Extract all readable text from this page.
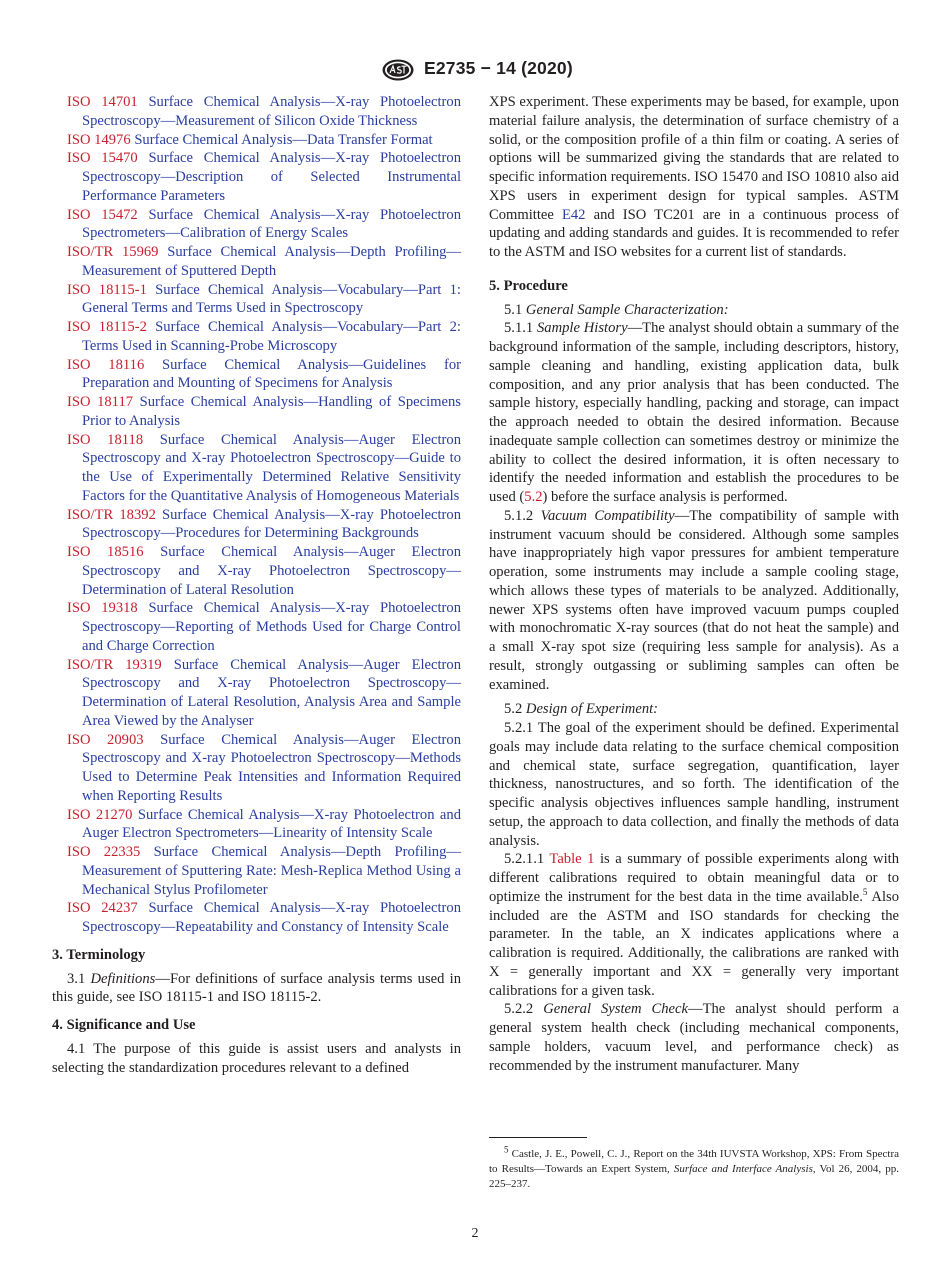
E2735 − 14 (2020)

ISO 14701 Surface Chemical Analysis—X-ray Photoelectron Spectroscopy—Measurement of Silicon Oxide Thickness

ISO 14976 Surface Chemical Analysis—Data Transfer Format

ISO 15470 Surface Chemical Analysis—X-ray Photoelectron Spectroscopy—Description of Selected Instrumental Performance Parameters

ISO 15472 Surface Chemical Analysis—X-ray Photoelectron Spectrometers—Calibration of Energy Scales

ISO/TR 15969 Surface Chemical Analysis—Depth Profiling—Measurement of Sputtered Depth

ISO 18115-1 Surface Chemical Analysis—Vocabulary—Part 1: General Terms and Terms Used in Spectroscopy

ISO 18115-2 Surface Chemical Analysis—Vocabulary—Part 2: Terms Used in Scanning-Probe Microscopy

ISO 18116 Surface Chemical Analysis—Guidelines for Preparation and Mounting of Specimens for Analysis

ISO 18117 Surface Chemical Analysis—Handling of Specimens Prior to Analysis

ISO 18118 Surface Chemical Analysis—Auger Electron Spectroscopy and X-ray Photoelectron Spectroscopy—Guide to the Use of Experimentally Determined Relative Sensitivity Factors for the Quantitative Analysis of Homogeneous Materials

ISO/TR 18392 Surface Chemical Analysis—X-ray Photoelectron Spectroscopy—Procedures for Determining Backgrounds

ISO 18516 Surface Chemical Analysis—Auger Electron Spectroscopy and X-ray Photoelectron Spectroscopy—Determination of Lateral Resolution

ISO 19318 Surface Chemical Analysis—X-ray Photoelectron Spectroscopy—Reporting of Methods Used for Charge Control and Charge Correction

ISO/TR 19319 Surface Chemical Analysis—Auger Electron Spectroscopy and X-ray Photoelectron Spectroscopy—Determination of Lateral Resolution, Analysis Area and Sample Area Viewed by the Analyser

ISO 20903 Surface Chemical Analysis—Auger Electron Spectroscopy and X-ray Photoelectron Spectroscopy—Methods Used to Determine Peak Intensities and Information Required when Reporting Results

ISO 21270 Surface Chemical Analysis—X-ray Photoelectron and Auger Electron Spectrometers—Linearity of Intensity Scale

ISO 22335 Surface Chemical Analysis—Depth Profiling—Measurement of Sputtering Rate: Mesh-Replica Method Using a Mechanical Stylus Profilometer

ISO 24237 Surface Chemical Analysis—X-ray Photoelectron Spectroscopy—Repeatability and Constancy of Intensity Scale

3. Terminology

3.1 Definitions—For definitions of surface analysis terms used in this guide, see ISO 18115-1 and ISO 18115-2.

4. Significance and Use

4.1 The purpose of this guide is assist users and analysts in selecting the standardization procedures relevant to a defined

XPS experiment. These experiments may be based, for example, upon material failure analysis, the determination of surface chemistry of a solid, or the composition profile of a thin film or coating. A series of options will be summarized giving the standards that are related to specific information requirements. ISO 15470 and ISO 10810 also aid XPS users in experiment design for typical samples. ASTM Committee E42 and ISO TC201 are in a continuous process of updating and adding standards and guides. It is recommended to refer to the ASTM and ISO websites for a current list of standards.

5. Procedure

5.1 General Sample Characterization:

5.1.1 Sample History—The analyst should obtain a summary of the background information of the sample, including descriptors, history, sample cleaning and handling, existing application data, bulk composition, and any prior analysis that has been conducted. The sample history, especially handling, packing and storage, can impact the approach needed to obtain the desired information. Because inadequate sample collection can sometimes destroy or minimize the ability to collect the desired information, it is often necessary to identify the needed information and establish the procedures to be used (5.2) before the surface analysis is performed.

5.1.2 Vacuum Compatibility—The compatibility of sample with instrument vacuum should be considered. Although some samples have inappropriately high vapor pressures for ambient temperature operation, some instruments may include a sample cooling stage, which allows these types of materials to be analyzed. Additionally, newer XPS systems often have improved vacuum pumps coupled with monochromatic X-ray sources (that do not heat the sample) and a small X-ray spot size (requiring less sample for analysis). As a result, strongly outgassing or subliming samples can often be examined.

5.2 Design of Experiment:

5.2.1 The goal of the experiment should be defined. Experimental goals may include data relating to the surface chemical composition and chemical state, surface segregation, quantification, layer thickness, nanostructures, and so forth. The identification of the specific analysis objectives influences sample handling, instrument setup, the approach to data collection, and finally the methods of data analysis.

5.2.1.1 Table 1 is a summary of possible experiments along with different calibrations required to obtain meaningful data or to optimize the instrument for the best data in the time available.$^5$ Also included are the ASTM and ISO standards for checking the parameter. In the table, an X indicates applications where a calibration is required. Additionally, the calibrations are ranked with X = generally important and XX = generally very important calibrations for a given task.

5.2.2 General System Check—The analyst should perform a general system health check (including mechanical components, sample holders, vacuum level, and performance check) as recommended by the instrument manufacturer. Many

$^5$ Castle, J. E., Powell, C. J., Report on the 34th IUVSTA Workshop, XPS: From Spectra to Results—Towards an Expert System, Surface and Interface Analysis, Vol 26, 2004, pp. 225–237.
2
